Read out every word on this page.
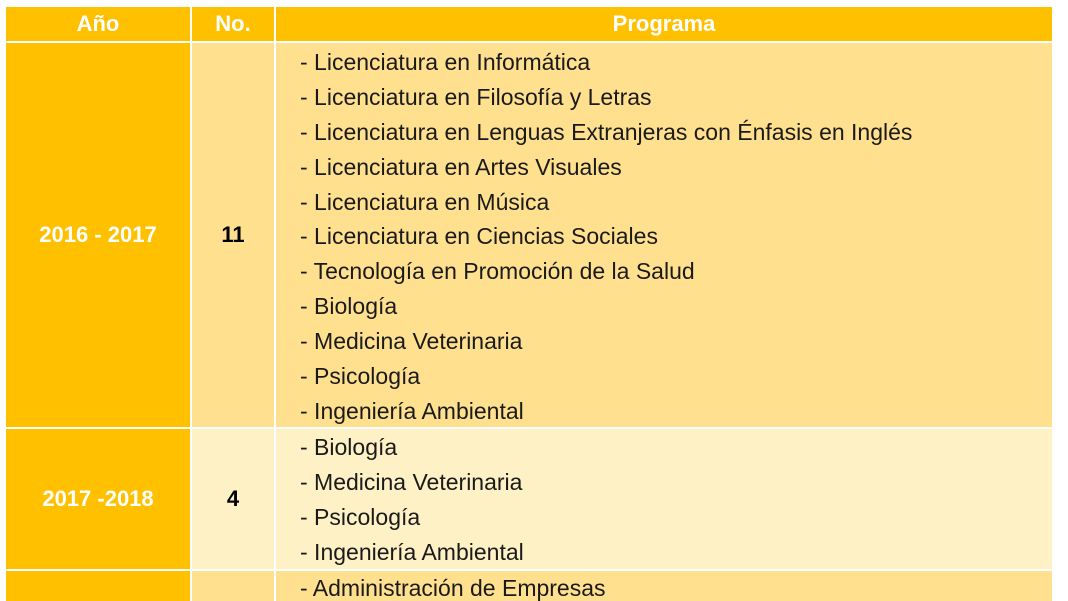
Año	No.	Programa
2016 - 2017	11
- Licenciatura en Informática
- Licenciatura en Filosofía y Letras
- Licenciatura en Lenguas Extranjeras con Énfasis en Inglés
- Licenciatura en Artes Visuales
- Licenciatura en Música
- Licenciatura en Ciencias Sociales
- Tecnología en Promoción de la Salud
- Biología
- Medicina Veterinaria
- Psicología
- Ingeniería Ambiental
2017 -2018	4
- Biología
- Medicina Veterinaria
- Psicología
- Ingeniería Ambiental
- Administración de Empresas
